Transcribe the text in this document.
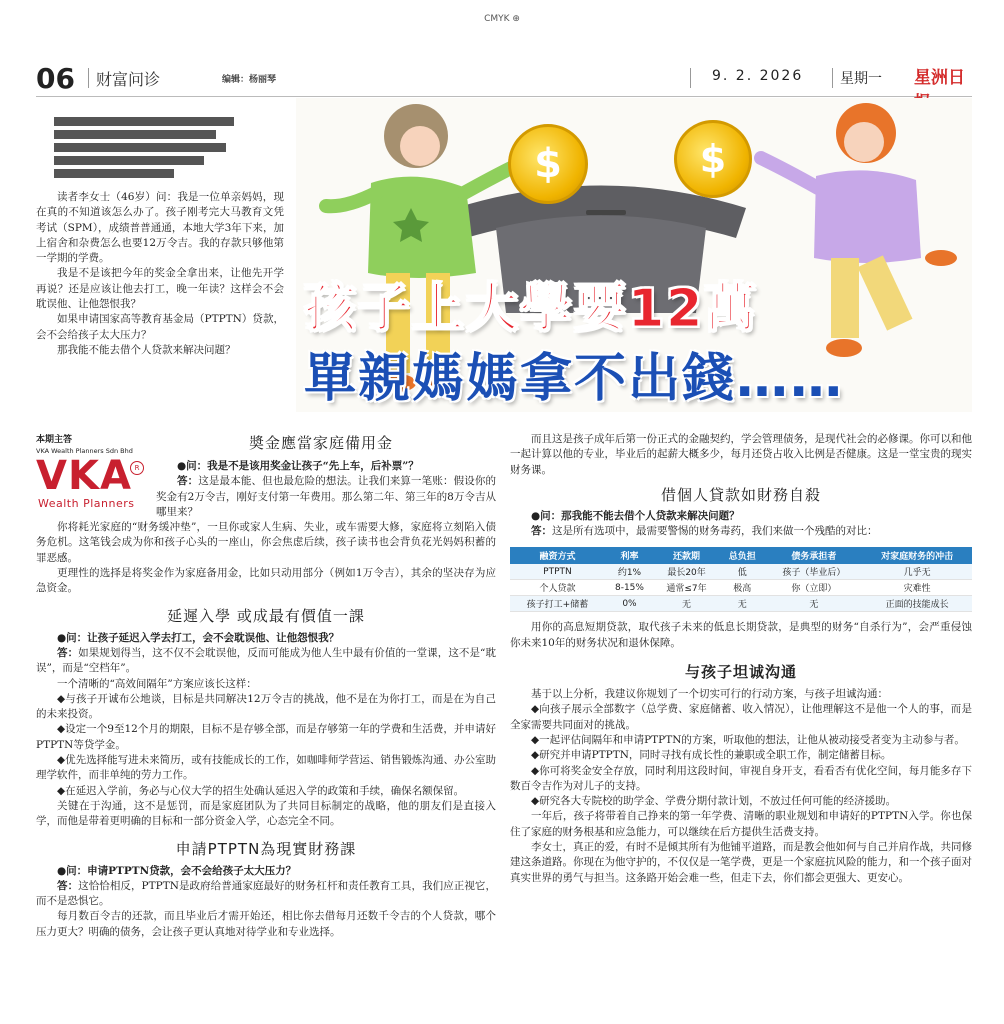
CMYK ⊕
06 财富问诊	编辑：杨丽琴	9. 2. 2026	星期一 星洲日

读者李女士（46岁）问：我是一位单亲妈妈，现在真的不知道该怎么办了。孩子刚考完大马教育文凭考试（SPM），成绩普普通通，本地大学3年下来，加上宿舍和杂费怎么也要12万令吉。我的存款只够他第一学期的学费。

我是不是该把今年的奖金全拿出来，让他先开学再说？还是应该让他去打工，晚一年读？这样会不会耽误他、让他怨恨我？

如果申请国家高等教育基金局（PTPTN）贷款，会不会给孩子太大压力？

那我能不能去借个人贷款来解决问题？

$	$
孩子上大學要12萬
單親媽媽拿不出錢……
本期主答
VKA Wealth Planners Sdn Bhd
VKA R
Wealth Planners
奬金應當家庭備用金

●问：我是不是该用奖金让孩子“先上车，后补票”？

答：这是最本能、但也最危险的想法。让我们来算一笔账：假设你的奖金有2万令吉，刚好支付第一年费用。那么第二年、第三年的8万令吉从哪里来？

你将耗光家庭的“财务缓冲垫”，一旦你或家人生病、失业，或车需要大修，家庭将立刻陷入债务危机。这笔钱会成为你和孩子心头的一座山，你会焦虑后续，孩子读书也会背负花光妈妈积蓄的罪恶感。

更理性的选择是将奖金作为家庭备用金，比如只动用部分（例如1万令吉），其余的坚决存为应急资金。

延遲入學 或成最有價值一課

●问：让孩子延迟入学去打工，会不会耽误他、让他怨恨我？

答：如果规划得当，这不仅不会耽误他，反而可能成为他人生中最有价值的一堂课，这不是“耽误”，而是“空档年”。

一个清晰的“高效间隔年”方案应该长这样：

◆与孩子开诚布公地谈，目标是共同解决12万令吉的挑战，他不是在为你打工，而是在为自己的未来投资。

◆设定一个9至12个月的期限，目标不是存够全部，而是存够第一年的学费和生活费，并申请好PTPTN等贷学金。

◆优先选择能写进未来简历，或有技能成长的工作，如咖啡师学营运、销售锻炼沟通、办公室助理学软件，而非单纯的劳力工作。

◆在延迟入学前，务必与心仪大学的招生处确认延迟入学的政策和手续，确保名额保留。

关键在于沟通，这不是惩罚，而是家庭团队为了共同目标制定的战略，他的朋友们是直接入学，而他是带着更明确的目标和一部分资金入学，心态完全不同。

申請PTPTN為現實財務課

●问：申请PTPTN贷款，会不会给孩子太大压力？

答：这恰恰相反，PTPTN是政府给普通家庭最好的财务杠杆和责任教育工具，我们应正视它，而不是恐惧它。

每月数百令吉的还款，而且毕业后才需开始还，相比你去借每月还数千令吉的个人贷款，哪个压力更大？明确的债务，会让孩子更认真地对待学业和专业选择。

而且这是孩子成年后第一份正式的金融契约，学会管理债务，是现代社会的必修课。你可以和他一起计算以他的专业，毕业后的起薪大概多少，每月还贷占收入比例是否健康。这是一堂宝贵的现实财务课。

借個人貸款如財務自殺

●问：那我能不能去借个人贷款来解决问题？

答：这是所有选项中，最需要警惕的财务毒药，我们来做一个残酷的对比：

融资方式	利率	还款期	总负担	债务承担者	对家庭财务的冲击
PTPTN	约1%	最长20年	低	孩子（毕业后）	几乎无
个人贷款	8-15%	通常≤7年	极高	你（立即）	灾难性
孩子打工+储蓄	0%	无	无	无	正面的技能成长

用你的高息短期贷款，取代孩子未来的低息长期贷款，是典型的财务“自杀行为”，会严重侵蚀你未来10年的财务状况和退休保障。

与孩子坦诚沟通

基于以上分析，我建议你规划了一个切实可行的行动方案，与孩子坦诚沟通：

◆向孩子展示全部数字（总学费、家庭储蓄、收入情况），让他理解这不是他一个人的事，而是全家需要共同面对的挑战。

◆一起评估间隔年和申请PTPTN的方案，听取他的想法，让他从被动接受者变为主动参与者。

◆研究并申请PTPTN，同时寻找有成长性的兼职或全职工作，制定储蓄目标。

◆你可将奖金安全存放，同时利用这段时间，审视自身开支，看看否有优化空间，每月能多存下数百令吉作为对儿子的支持。

◆研究各大专院校的助学金、学费分期付款计划，不放过任何可能的经济援助。

一年后，孩子将带着自己挣来的第一年学费、清晰的职业规划和申请好的PTPTN入学。你也保住了家庭的财务根基和应急能力，可以继续在后方提供生活费支持。

李女士，真正的爱，有时不是倾其所有为他铺平道路，而是教会他如何与自己并肩作战，共同修建这条道路。你现在为他守护的，不仅仅是一笔学费，更是一个家庭抗风险的能力，和一个孩子面对真实世界的勇气与担当。这条路开始会难一些，但走下去，你们都会更强大、更安心。
